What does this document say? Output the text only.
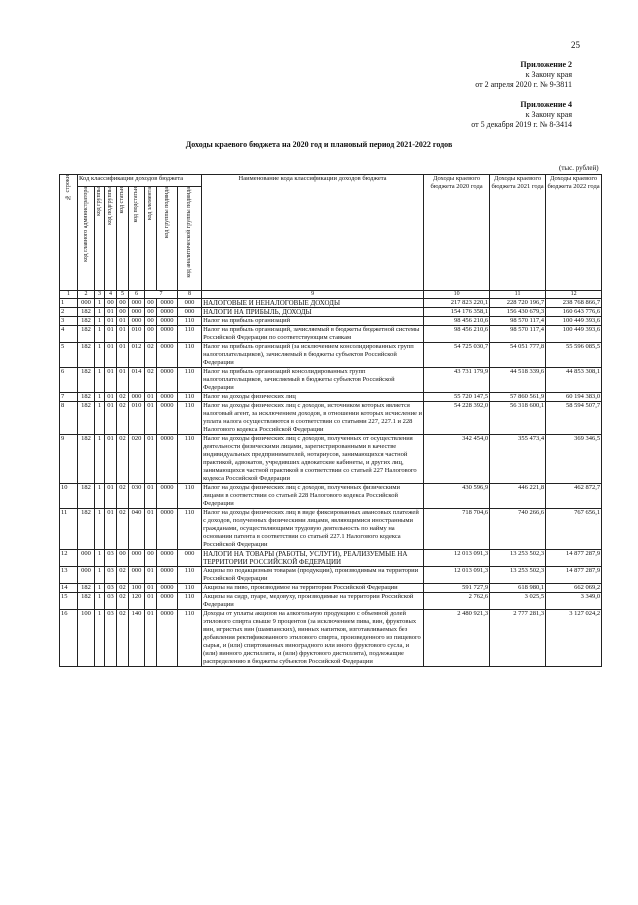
25
Приложение 2
к Закону края
от 2 апреля 2020 г. № 9-3811
Приложение 4
к Закону края
от 5 декабря 2019 г. № 8-3414
Доходы краевого бюджета на 2020 год и плановый период 2021-2022 годов
(тыс. рублей)
№ строки	Код классификации доходов бюджета								Наименование кода классификации доходов бюджета	Доходы краевого бюджета 2020 года	Доходы краевого бюджета 2021 года	Доходы краевого бюджета 2022 года

	код главного администратора	код группы	код подгруппы	код статьи	код подстатьи	код элемента	код группы подвида	код аналитической группы подвида				

1	2	3	4	5	6	7		8	9	10	11	12
1	000	1	00	00	000	00	0000	000	НАЛОГОВЫЕ И НЕНАЛОГОВЫЕ ДОХОДЫ	217 823 220,1	228 720 196,7	238 768 866,7
2	182	1	01	00	000	00	0000	000	НАЛОГИ НА ПРИБЫЛЬ, ДОХОДЫ	154 176 358,1	156 430 679,3	160 643 776,6
3	182	1	01	01	000	00	0000	110	Налог на прибыль организаций	98 456 210,6	98 570 117,4	100 449 393,6
4	182	1	01	01	010	00	0000	110	Налог на прибыль организаций, зачисляемый в бюджеты бюджетной системы Российской Федерации по соответствующим ставкам	98 456 210,6	98 570 117,4	100 449 393,6
5	182	1	01	01	012	02	0000	110	Налог на прибыль организаций (за исключением консолидированных групп налогоплательщиков), зачисляемый в бюджеты субъектов Российской Федерации	54 725 030,7	54 051 777,8	55 596 085,5
6	182	1	01	01	014	02	0000	110	Налог на прибыль организаций консолидированных групп налогоплательщиков, зачисляемый в бюджеты субъектов Российской Федерации	43 731 179,9	44 518 339,6	44 853 308,1
7	182	1	01	02	000	01	0000	110	Налог на доходы физических лиц	55 720 147,5	57 860 561,9	60 194 383,0
8	182	1	01	02	010	01	0000	110	Налог на доходы физических лиц с доходов, источником которых является налоговый агент, за исключением доходов, в отношении которых исчисление и уплата налога осуществляются в соответствии со статьями 227, 227.1 и 228 Налогового кодекса Российской Федерации	54 228 392,0	56 318 600,1	58 594 507,7
9	182	1	01	02	020	01	0000	110	Налог на доходы физических лиц с доходов, полученных от осуществления деятельности физическими лицами, зарегистрированными в качестве индивидуальных предпринимателей, нотариусов, занимающихся частной практикой, адвокатов, учредивших адвокатские кабинеты, и других лиц, занимающихся частной практикой в соответствии со статьей 227 Налогового кодекса Российской Федерации	342 454,0	355 473,4	369 346,5
10	182	1	01	02	030	01	0000	110	Налог на доходы физических лиц с доходов, полученных физическими лицами в соответствии со статьей 228 Налогового кодекса Российской Федерации	430 596,9	446 221,8	462 872,7
11	182	1	01	02	040	01	0000	110	Налог на доходы физических лиц в виде фиксированных авансовых платежей с доходов, полученных физическими лицами, являющимися иностранными гражданами, осуществляющими трудовую деятельность по найму на основании патента в соответствии со статьей 227.1 Налогового кодекса Российской Федерации	718 704,6	740 266,6	767 656,1
12	000	1	03	00	000	00	0000	000	НАЛОГИ НА ТОВАРЫ (РАБОТЫ, УСЛУГИ), РЕАЛИЗУЕМЫЕ НА ТЕРРИТОРИИ РОССИЙСКОЙ ФЕДЕРАЦИИ	12 013 091,3	13 253 502,3	14 877 287,9
13	000	1	03	02	000	01	0000	110	Акцизы по подакцизным товарам (продукции), производимым на территории Российской Федерации	12 013 091,3	13 253 502,3	14 877 287,9
14	182	1	03	02	100	01	0000	110	Акцизы на пиво, производимое на территории Российской Федерации	591 727,9	618 980,1	662 069,2
15	182	1	03	02	120	01	0000	110	Акцизы на сидр, пуаре, медовуху, производимые на территории Российской Федерации	2 762,6	3 025,5	3 349,0
16	100	1	03	02	140	01	0000	110	Доходы от уплаты акцизов на алкогольную продукцию с объемной долей этилового спирта свыше 9 процентов (за исключением пива, вин, фруктовых вин, игристых вин (шампанских), винных напитков, изготавливаемых без добавления ректификованного этилового спирта, произведенного из пищевого сырья, и (или) спиртованных виноградного или иного фруктового сусла, и (или) винного дистиллята, и (или) фруктового дистиллята), подлежащие распределению в бюджеты субъектов Российской Федерации	2 480 921,3	2 777 281,3	3 127 024,2
